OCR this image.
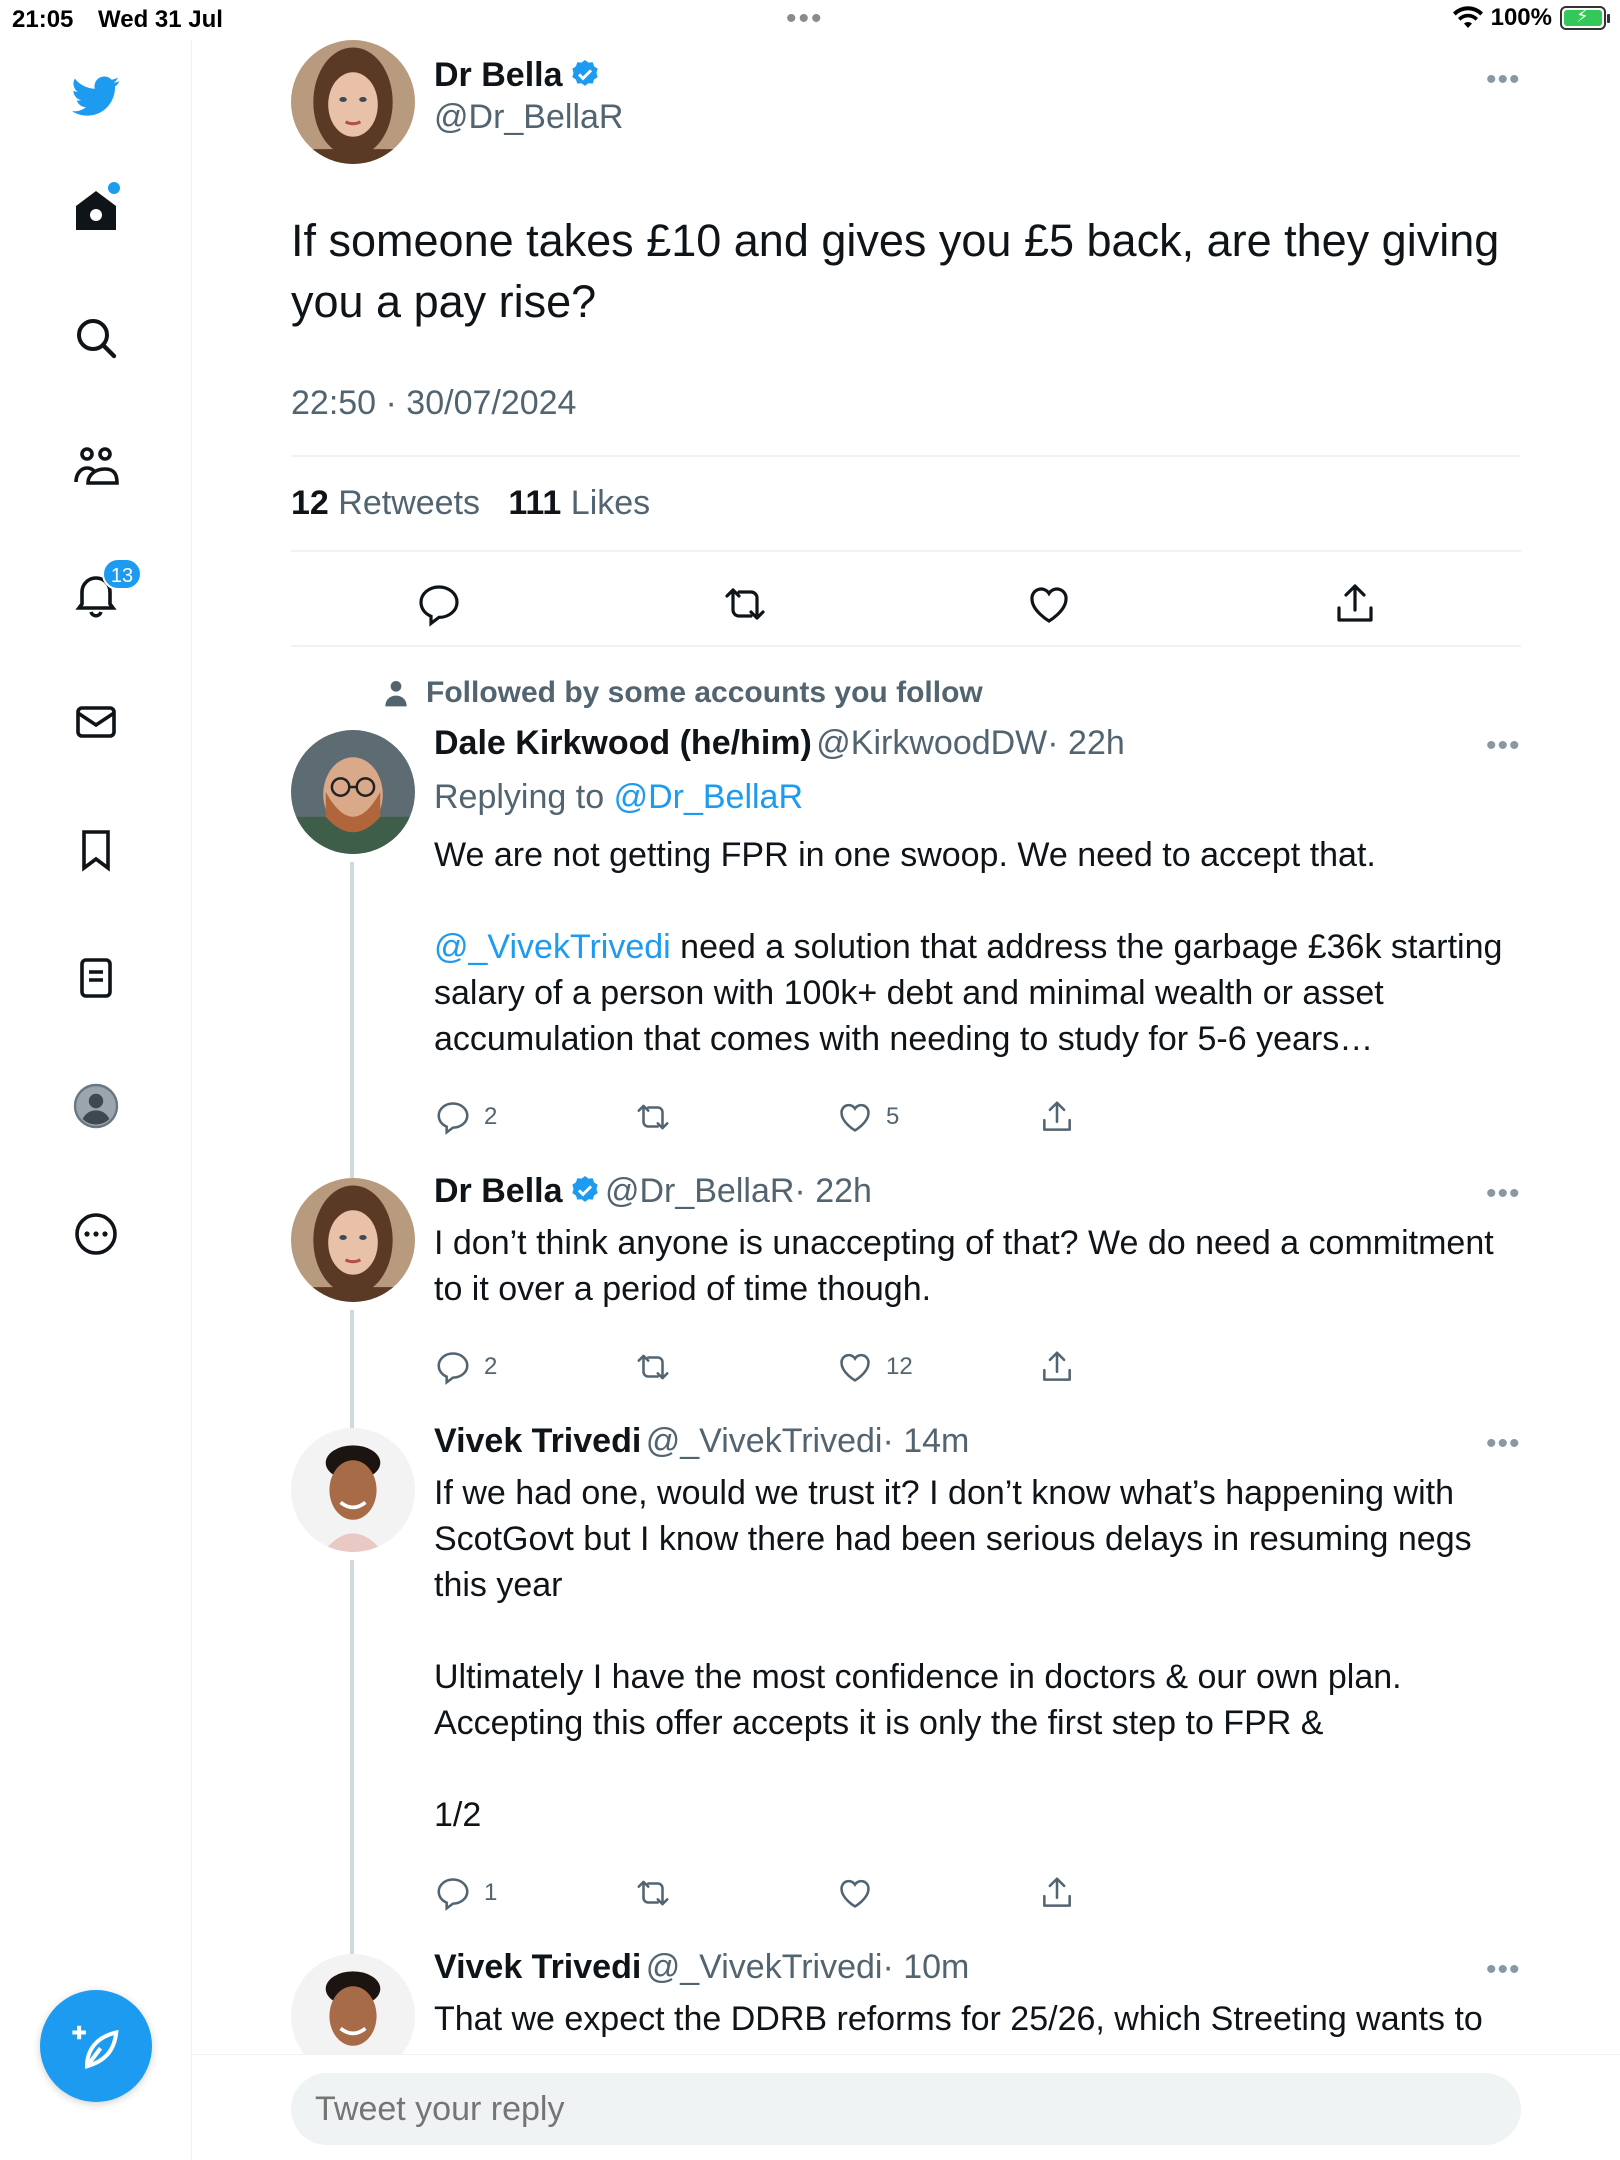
21:05 Wed 31 Jul	•••	100% ⚡
13
Dr Bella
@Dr_BellaR
•••
If someone takes £10 and gives you £5 back, are they giving you a pay rise?
22:50 · 30/07/2024
12 Retweets 111 Likes
Followed by some accounts you follow
Dale Kirkwood (he/him) @KirkwoodDW· 22h	•••
Replying to @Dr_BellaR
We are not getting FPR in one swoop. We need to accept that.
@_VivekTrivedi need a solution that address the garbage £36k starting salary of a person with 100k+ debt and minimal wealth or asset accumulation that comes with needing to study for 5-6 years…
2	5
Dr Bella @Dr_BellaR· 22h	•••
I don’t think anyone is unaccepting of that? We do need a commitment to it over a period of time though.
2	12
Vivek Trivedi @_VivekTrivedi· 14m	•••
If we had one, would we trust it? I don’t know what’s happening with ScotGovt but I know there had been serious delays in resuming negs this year
Ultimately I have the most confidence in doctors & our own plan. Accepting this offer accepts it is only the first step to FPR &
1/2
1
Vivek Trivedi @_VivekTrivedi· 10m	•••
That we expect the DDRB reforms for 25/26, which Streeting wants to
Tweet your reply
